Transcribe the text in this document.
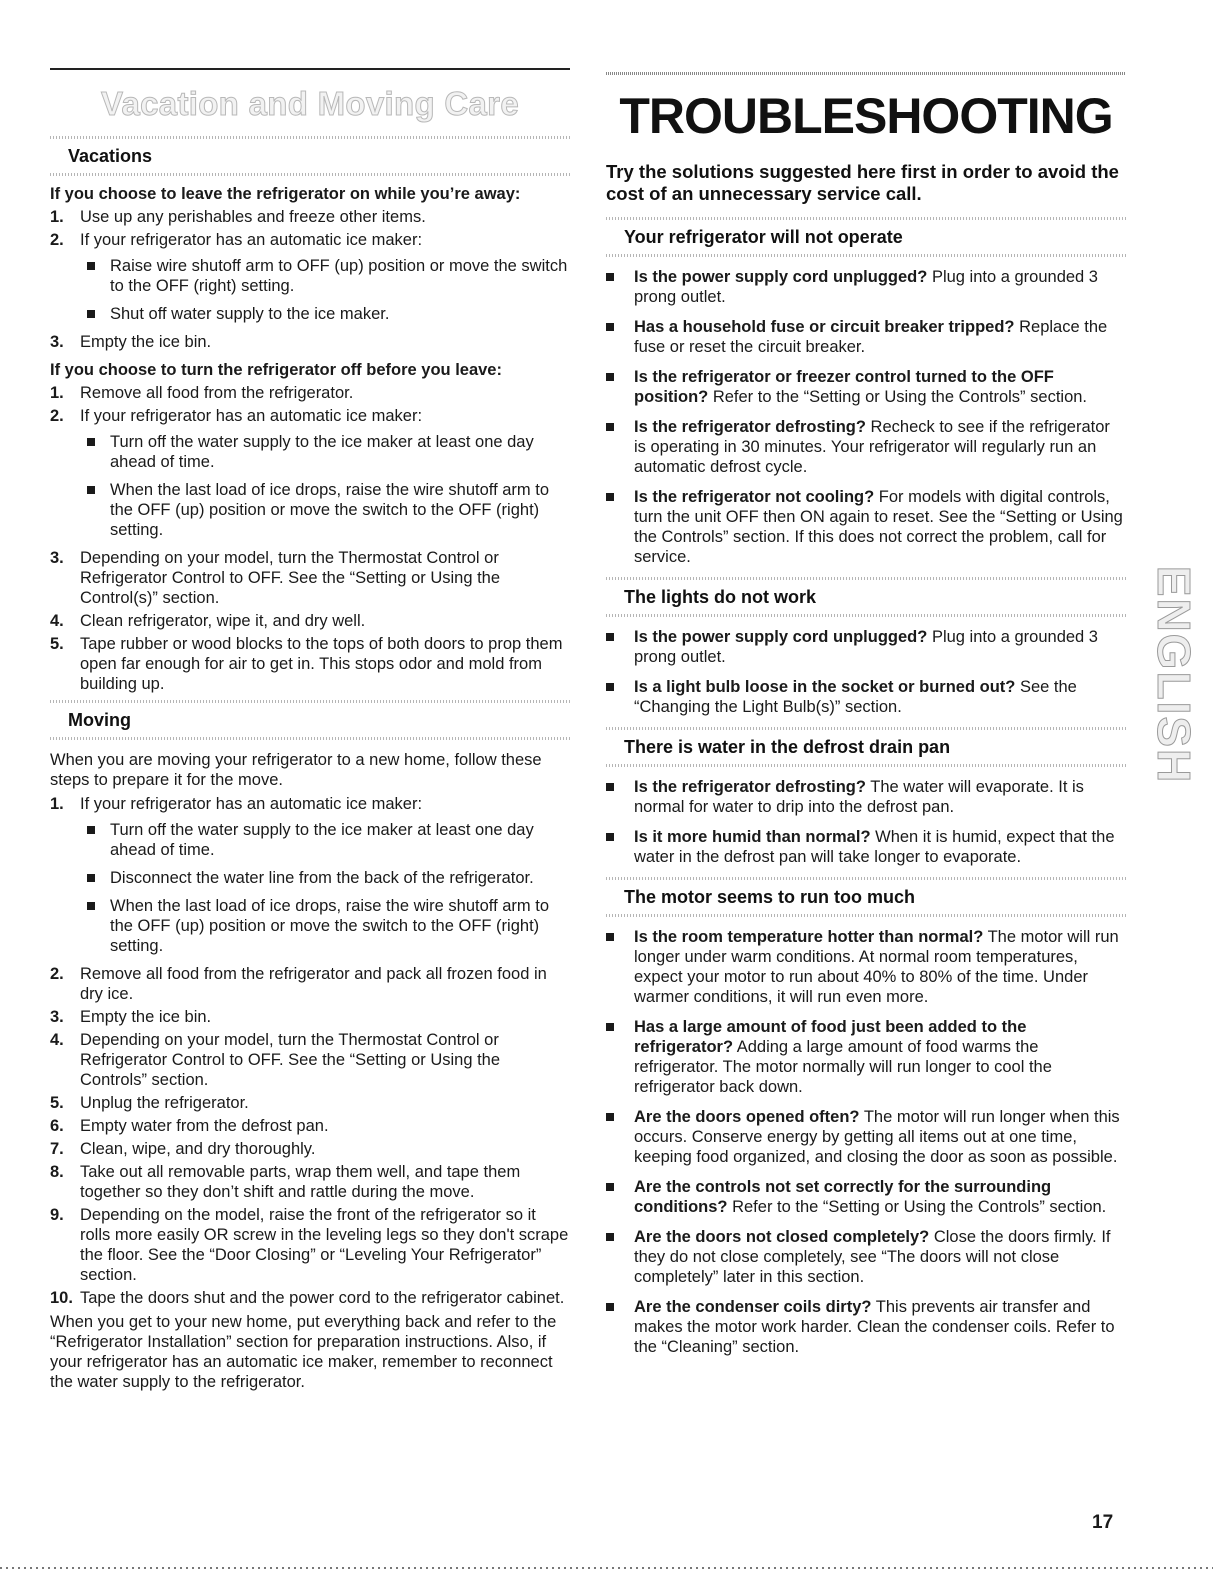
Vacation and Moving Care
Vacations
If you choose to leave the refrigerator on while you’re away:
1. Use up any perishables and freeze other items.
2. If your refrigerator has an automatic ice maker:
Raise wire shutoff arm to OFF (up) position or move the switch to the OFF (right) setting.
Shut off water supply to the ice maker.
3. Empty the ice bin.
If you choose to turn the refrigerator off before you leave:
1. Remove all food from the refrigerator.
2. If your refrigerator has an automatic ice maker:
Turn off the water supply to the ice maker at least one day ahead of time.
When the last load of ice drops, raise the wire shutoff arm to the OFF (up) position or move the switch to the OFF (right) setting.
3. Depending on your model, turn the Thermostat Control or Refrigerator Control to OFF. See the “Setting or Using the Control(s)” section.
4. Clean refrigerator, wipe it, and dry well.
5. Tape rubber or wood blocks to the tops of both doors to prop them open far enough for air to get in. This stops odor and mold from building up.
Moving

When you are moving your refrigerator to a new home, follow these steps to prepare it for the move.

1. If your refrigerator has an automatic ice maker:
Turn off the water supply to the ice maker at least one day ahead of time.
Disconnect the water line from the back of the refrigerator.
When the last load of ice drops, raise the wire shutoff arm to the OFF (up) position or move the switch to the OFF (right) setting.
2. Remove all food from the refrigerator and pack all frozen food in dry ice.
3. Empty the ice bin.
4. Depending on your model, turn the Thermostat Control or Refrigerator Control to OFF. See the “Setting or Using the Controls” section.
5. Unplug the refrigerator.
6. Empty water from the defrost pan.
7. Clean, wipe, and dry thoroughly.
8. Take out all removable parts, wrap them well, and tape them together so they don’t shift and rattle during the move.
9. Depending on the model, raise the front of the refrigerator so it rolls more easily OR screw in the leveling legs so they don't scrape the floor. See the “Door Closing” or “Leveling Your Refrigerator” section.
10. Tape the doors shut and the power cord to the refrigerator cabinet.

When you get to your new home, put everything back and refer to the “Refrigerator Installation” section for preparation instructions. Also, if your refrigerator has an automatic ice maker, remember to reconnect the water supply to the refrigerator.

TROUBLESHOOTING
Try the solutions suggested here first in order to avoid the cost of an unnecessary service call.
Your refrigerator will not operate
Is the power supply cord unplugged? Plug into a grounded 3 prong outlet.
Has a household fuse or circuit breaker tripped? Replace the fuse or reset the circuit breaker.
Is the refrigerator or freezer control turned to the OFF position? Refer to the “Setting or Using the Controls” section.
Is the refrigerator defrosting? Recheck to see if the refrigerator is operating in 30 minutes. Your refrigerator will regularly run an automatic defrost cycle.
Is the refrigerator not cooling? For models with digital controls, turn the unit OFF then ON again to reset. See the “Setting or Using the Controls” section. If this does not correct the problem, call for service.
The lights do not work
Is the power supply cord unplugged? Plug into a grounded 3 prong outlet.
Is a light bulb loose in the socket or burned out? See the “Changing the Light Bulb(s)” section.
There is water in the defrost drain pan
Is the refrigerator defrosting? The water will evaporate. It is normal for water to drip into the defrost pan.
Is it more humid than normal? When it is humid, expect that the water in the defrost pan will take longer to evaporate.
The motor seems to run too much
Is the room temperature hotter than normal? The motor will run longer under warm conditions. At normal room temperatures, expect your motor to run about 40% to 80% of the time. Under warmer conditions, it will run even more.
Has a large amount of food just been added to the refrigerator? Adding a large amount of food warms the refrigerator. The motor normally will run longer to cool the refrigerator back down.
Are the doors opened often? The motor will run longer when this occurs. Conserve energy by getting all items out at one time, keeping food organized, and closing the door as soon as possible.
Are the controls not set correctly for the surrounding conditions? Refer to the “Setting or Using the Controls” section.
Are the doors not closed completely? Close the doors firmly. If they do not close completely, see “The doors will not close completely” later in this section.
Are the condenser coils dirty? This prevents air transfer and makes the motor work harder. Clean the condenser coils. Refer to the “Cleaning” section.
ENGLISH
17
